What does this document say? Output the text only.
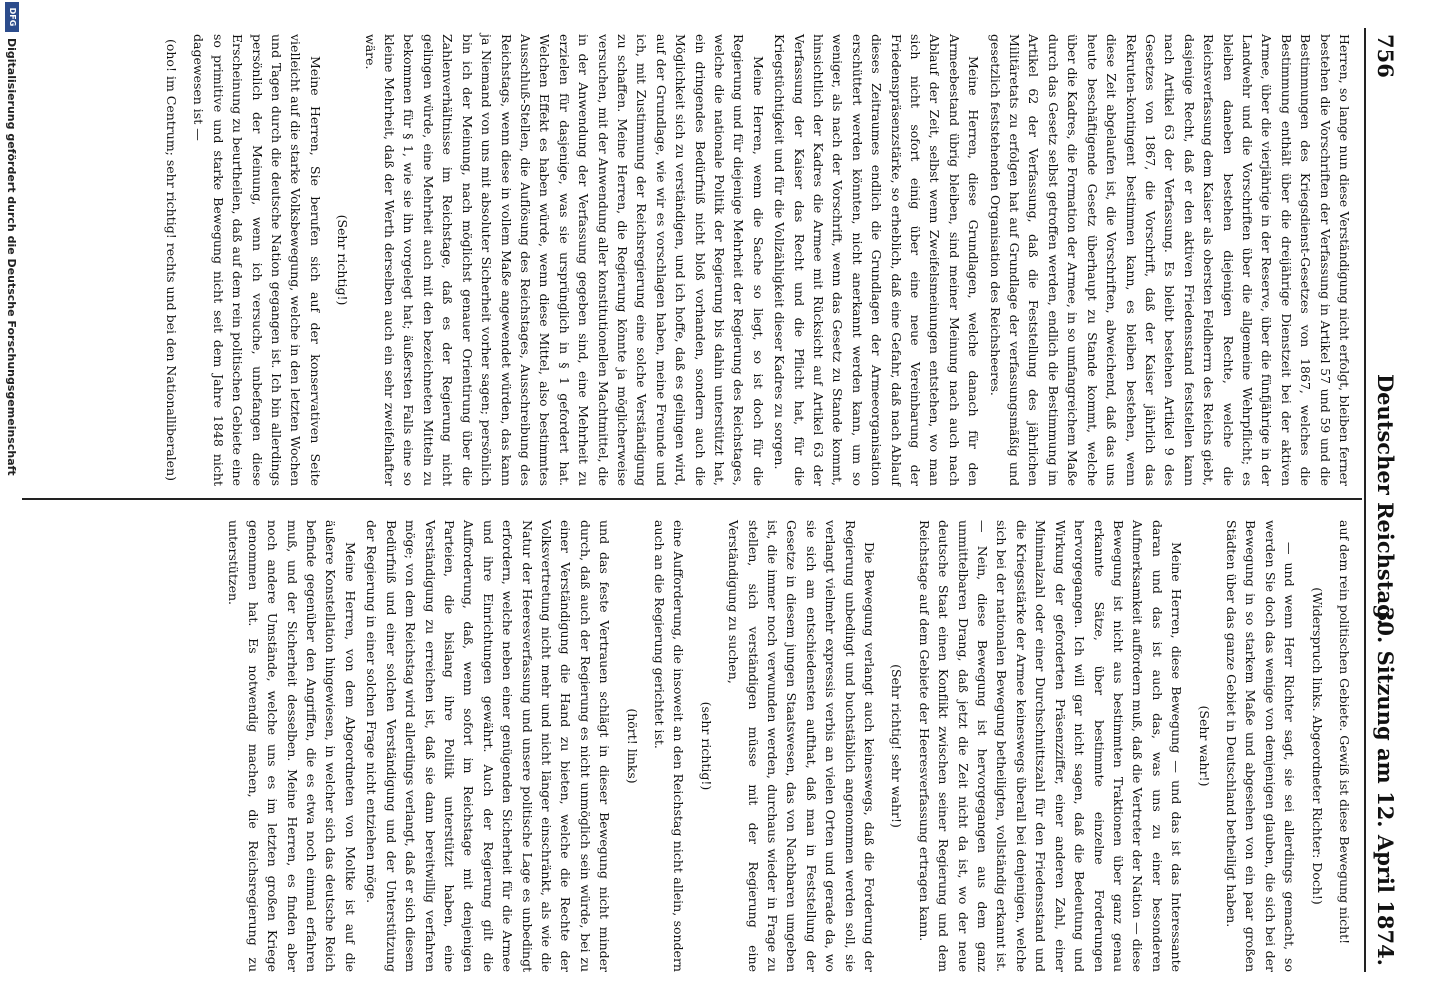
756
Deutscher Reichstag.
30. Sitzung am 12. April 1874.

Herren, so lange nun diese Verständigung nicht erfolgt, bleiben ferner bestehen die Vorschriften der Verfassung in Artikel 57 und 59 und die Bestimmungen des Kriegsdienst-Gesetzes von 1867, welches die Bestimmung enthält über die dreijährige Dienstzeit bei der aktiven Armee, über die vierjährige in der Reserve, über die fünfjährige in der Landwehr und die Vorschriften über die allgemeine Wehrpflicht; es bleiben daneben bestehen diejenigen Rechte, welche die Reichsverfassung dem Kaiser als obersten Feldherrn des Reichs giebt, dasjenige Recht, daß er den aktiven Friedensstand feststellen kann nach Artikel 63 der Verfassung. Es bleibt bestehen Artikel 9 des Gesetzes von 1867, die Vorschrift, daß der Kaiser jährlich das Rekruten-kontingent bestimmen kann, es bleiben bestehen, wenn diese Zeit abgelaufen ist, die Vorschriften, abweichend, daß das uns heute beschäftigende Gesetz überhaupt zu Stande kommt, welche über die Kadres, die Formation der Armee, in so umfangreichem Maße durch das Gesetz selbst getroffen werden, endlich die Bestimmung im Artikel 62 der Verfassung, daß die Feststellung des jährlichen Militäretats zu erfolgen hat auf Grundlage der verfassungsmäßig und gesetzlich feststehenden Organisation des Reichsheeres.

Meine Herren, diese Grundlagen, welche danach für den Armeebestand übrig bleiben, sind meiner Meinung nach auch nach Ablauf der Zeit, selbst wenn Zweifelsmeinungen entstehen, wo man sich nicht sofort einig über eine neue Vereinbarung der Friedenspräsenzstärke, so erheblich, daß eine Gefahr, daß nach Ablauf dieses Zeitraumes endlich die Grundlagen der Armeeorganisation erschüttert werden könnten, nicht anerkannt werden kann, um so weniger, als nach der Vorschrift, wenn das Gesetz zu Stande kommt, hinsichtlich der Kadres die Armee mit Rücksicht auf Artikel 63 der Verfassung der Kaiser das Recht und die Pflicht hat, für die Kriegstüchtigkeit und für die Vollzähligkeit dieser Kadres zu sorgen.

Meine Herren, wenn die Sache so liegt, so ist doch für die Regierung und für diejenige Mehrheit der Regierung des Reichstages, welche die nationale Politik der Regierung bis dahin unterstützt hat, ein dringendes Bedürfniß nicht bloß vorhanden, sondern auch die Möglichkeit sich zu verständigen, und ich hoffe, daß es gelingen wird, auf der Grundlage, wie wir es vorschlagen haben, meine Freunde und ich, mit Zustimmung der Reichsregierung eine solche Verständigung zu schaffen. Meine Herren, die Regierung könnte ja möglicherweise versuchen, mit der Anwendung aller konstitutionellen Machtmittel, die in der Anwendung der Verfassung gegeben sind, eine Mehrheit zu erzielen für dasjenige, was sie ursprünglich in § 1 gefordert hat. Welchen Effekt es haben würde, wenn diese Mittel, also bestimmtes Ausschluß-Stellen, die Auflösung des Reichstages, Ausschreibung des Reichstags, wenn diese in vollem Maße angewendet würden, das kann ja Niemand von uns mit absoluter Sicherheit vorher sagen; persönlich bin ich der Meinung, nach möglichst genauer Orientirung über die Zahlenverhältnisse im Reichstage, daß es der Regierung nicht gelingen würde, eine Mehrheit auch mit den bezeichneten Mitteln zu bekommen für § 1, wie sie ihn vorgelegt hat; äußersten Falls eine so kleine Mehrheit, daß der Werth derselben auch ein sehr zweifelhafter wäre.

(Sehr richtig!)

Meine Herren, Sie berufen sich auf der konservativen Seite vielleicht auf die starke Volksbewegung, welche in den letzten Wochen und Tagen durch die deutsche Nation gegangen ist. Ich bin allerdings persönlich der Meinung, wenn ich versuche, unbefangen diese Erscheinung zu beurtheilen, daß auf dem rein politischen Gebiete eine so primitive und starke Bewegung nicht seit dem Jahre 1848 nicht dagewesen ist —

(oho! im Centrum; sehr richtig! rechts und bei den Nationalliberalen)

auf dem rein politischen Gebiete. Gewiß ist diese Bewegung nicht!

(Widerspruch links. Abgeordneter Richter: Doch!)

— und wenn Herr Richter sagt, sie sei allerdings gemacht, so werden Sie doch das wenige von demjenigen glauben, die sich bei der Bewegung in so starkem Maße und abgesehen von ein paar großen Städten über das ganze Gebiet in Deutschland betheiligt haben.

(Sehr wahr!)

Meine Herren, diese Bewegung — und das ist das Interessante daran und das ist auch das, was uns zu einer besonderen Aufmerksamkeit auffordern muß, daß die Vertreter der Nation — diese Bewegung ist nicht aus bestimmten Traktionen über ganz genau erkannte Sätze, über bestimmte einzelne Forderungen hervorgegangen. Ich will gar nicht sagen, daß die Bedeutung und Wirkung der geforderten Präsenzziffer, einer anderen Zahl, einer Minimalzahl oder einer Durchschnittszahl für den Friedensstand und die Kriegsstärke der Armee keineswegs überall bei denjenigen, welche sich bei der nationalen Bewegung betheiligten, vollständig erkannt ist. — Nein, diese Bewegung ist hervorgegangen aus dem ganz unmittelbaren Drang, daß jetzt die Zeit nicht da ist, wo der neue deutsche Staat einen Konflikt zwischen seiner Regierung und dem Reichstage auf dem Gebiete der Heeresverfassung ertragen kann.

(Sehr richtig! sehr wahr!)

Die Bewegung verlangt auch keineswegs, daß die Forderung der Regierung unbedingt und buchstäblich angenommen werden soll, sie verlangt vielmehr expressis verbis an vielen Orten und gerade da, wo sie sich am entschiedensten aufthat, daß man in Feststellung der Gesetze in diesem jungen Staatswesen, das von Nachbaren umgeben ist, die immer noch verwunden werden, durchaus wieder in Frage zu stellen, sich verständigen müsse mit der Regierung eine Verständigung zu suchen,

(sehr richtig!)

eine Aufforderung, die insoweit an den Reichstag nicht allein, sondern auch an die Regierung gerichtet ist.

(hört! links)

und das feste Vertrauen schlägt in dieser Bewegung nicht minder durch, daß auch der Regierung es nicht unmöglich sein würde, bei zu einer Verständigung die Hand zu bieten, welche die Rechte der Volksvertretung nicht mehr und nicht länger einschränkt, als wie die Natur der Heeresverfassung und unsere politische Lage es unbedingt erfordern, welche neben einer genügenden Sicherheit für die Armee und ihre Einrichtungen gewährt. Auch der Regierung gilt die Aufforderung, daß, wenn sofort im Reichstage mit denjenigen Parteien, die bislang ihre Politik unterstützt haben, eine Verständigung zu erreichen ist, daß sie dann bereitwillig verfahren möge; von dem Reichstag wird allerdings verlangt, daß er sich diesem Bedürfniß und einer solchen Verständigung und der Unterstützung der Regierung in einer solchen Frage nicht entziehen möge.

Meine Herren, von dem Abgeordneten von Moltke ist auf die äußere Konstellation hingewiesen, in welcher sich das deutsche Reich befinde gegenüber den Angriffen, die es etwa noch einmal erfahren muß, und der Sicherheit desselben. Meine Herren, es finden aber noch andere Umstände, welche uns es im letzten großen Kriege genommen hat. Es notwendig machen, die Reichsregierung zu unterstützen.

DFG
Digitalisierung gefördert durch die Deutsche Forschungsgemeinschaft
